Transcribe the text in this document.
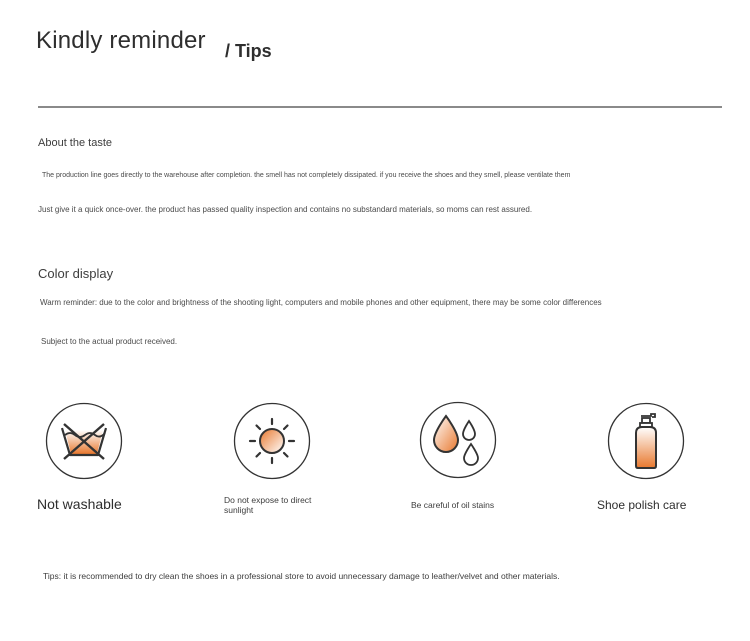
Kindly reminder / Tips
About the taste
The production line goes directly to the warehouse after completion. the smell has not completely dissipated. if you receive the shoes and they smell, please ventilate them
Just give it a quick once-over. the product has passed quality inspection and contains no substandard materials, so moms can rest assured.
Color display
Warm reminder: due to the color and brightness of the shooting light, computers and mobile phones and other equipment, there may be some color differences
Subject to the actual product received.
Not washable	Do not expose to direct sunlight	Be careful of oil stains	Shoe polish care
Tips: it is recommended to dry clean the shoes in a professional store to avoid unnecessary damage to leather/velvet and other materials.
